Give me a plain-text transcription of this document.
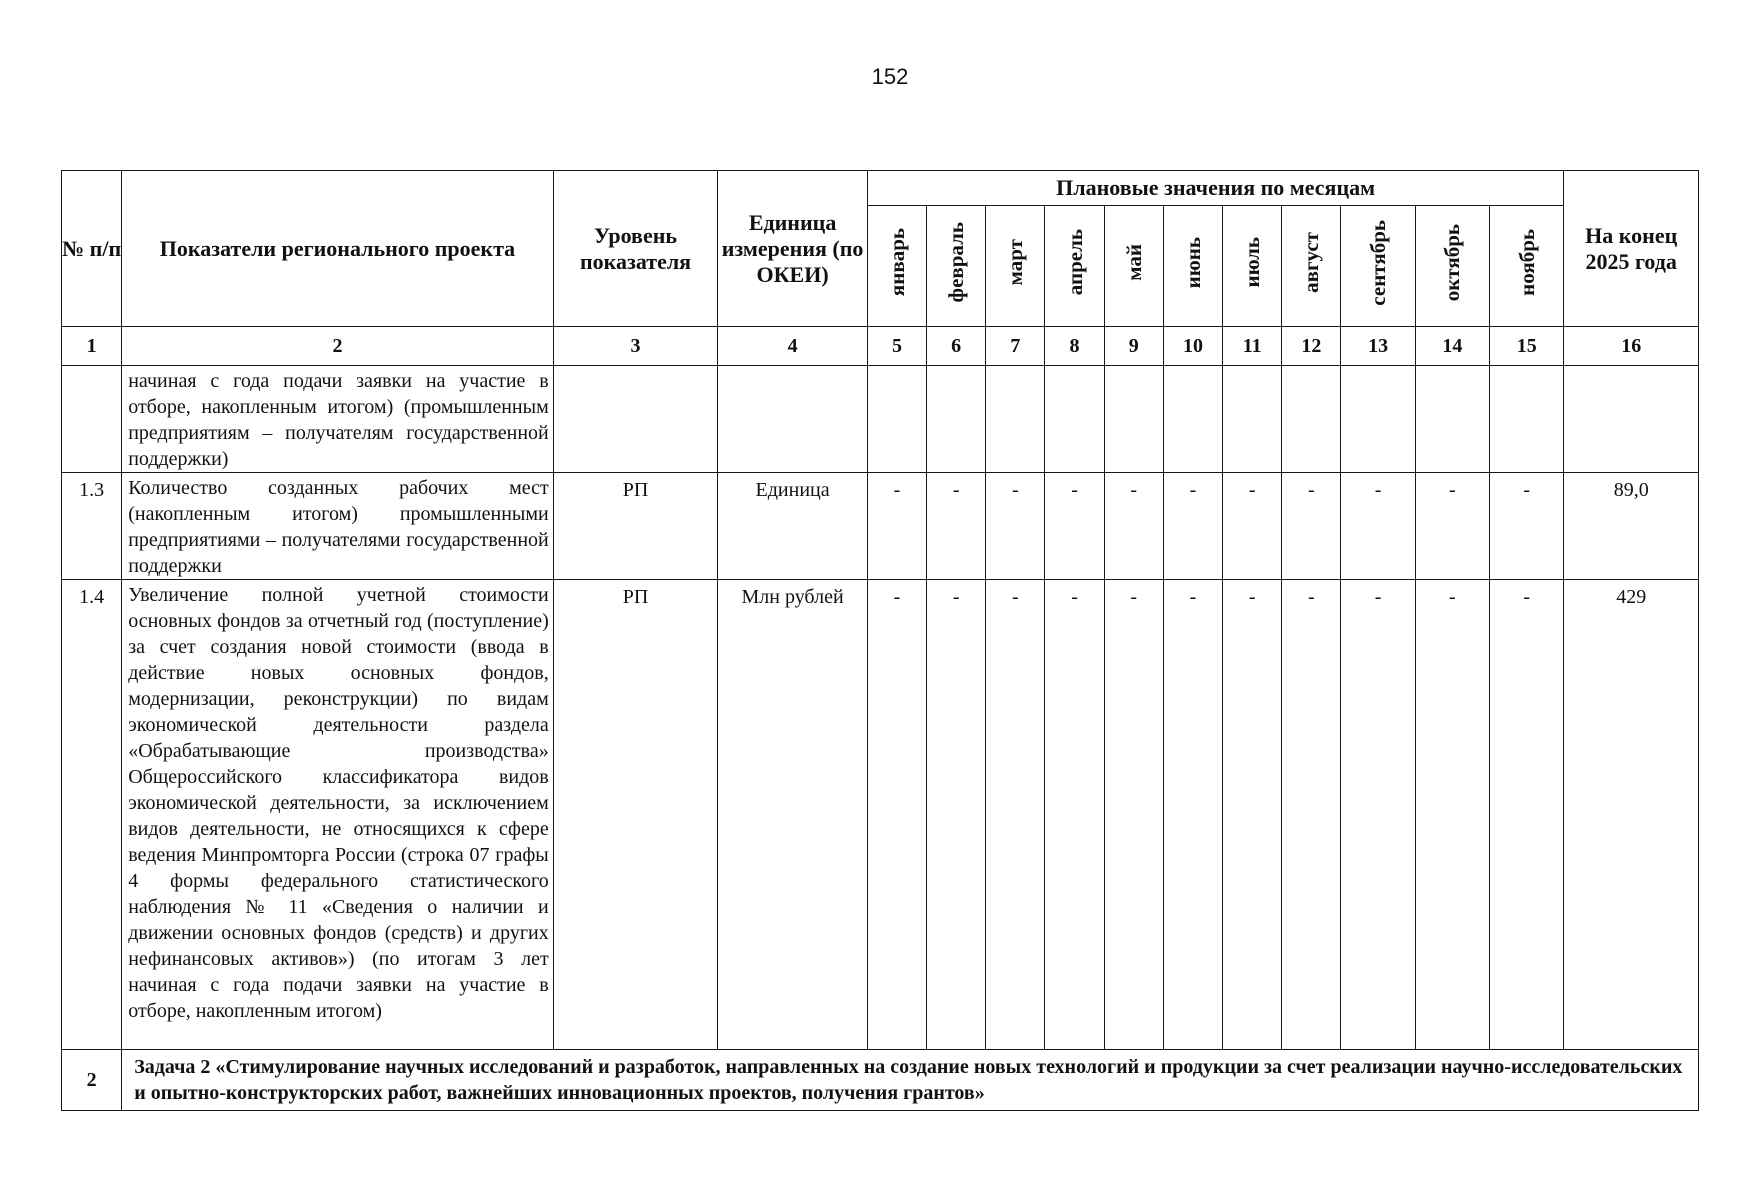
152
№ п/п	Показатели регионального проекта	Уровень показателя	Единица измерения (по ОКЕИ)	Плановые значения по месяцам											На конец 2025 года
				январь	февраль	март	апрель	май	июнь	июль	август	сентябрь	октябрь	ноябрь	
1	2	3	4	5	6	7	8	9	10	11	12	13	14	15	16
	начиная с года подачи заявки на участие в отборе, накопленным итогом) (промышленным предприятиям – получателям государственной поддержки)														
1.3	Количество созданных рабочих мест (накопленным итогом) промышленными предприятиями – получателями государственной поддержки	РП	Единица	-	-	-	-	-	-	-	-	-	-	-	89,0
1.4	Увеличение полной учетной стоимости основных фондов за отчетный год (поступление) за счет создания новой стоимости (ввода в действие новых основных фондов, модернизации, реконструкции) по видам экономической деятельности раздела «Обрабатывающие производства» Общероссийского классификатора видов экономической деятельности, за исключением видов деятельности, не относящихся к сфере ведения Минпромторга России (строка 07 графы 4 формы федерального статистического наблюдения № 11 «Сведения о наличии и движении основных фондов (средств) и других нефинансовых активов») (по итогам 3 лет начиная с года подачи заявки на участие в отборе, накопленным итогом)	РП	Млн рублей	-	-	-	-	-	-	-	-	-	-	-	429
2	Задача 2 «Стимулирование научных исследований и разработок, направленных на создание новых технологий и продукции за счет реализации научно-исследовательских и опытно-конструкторских работ, важнейших инновационных проектов, получения грантов»														
